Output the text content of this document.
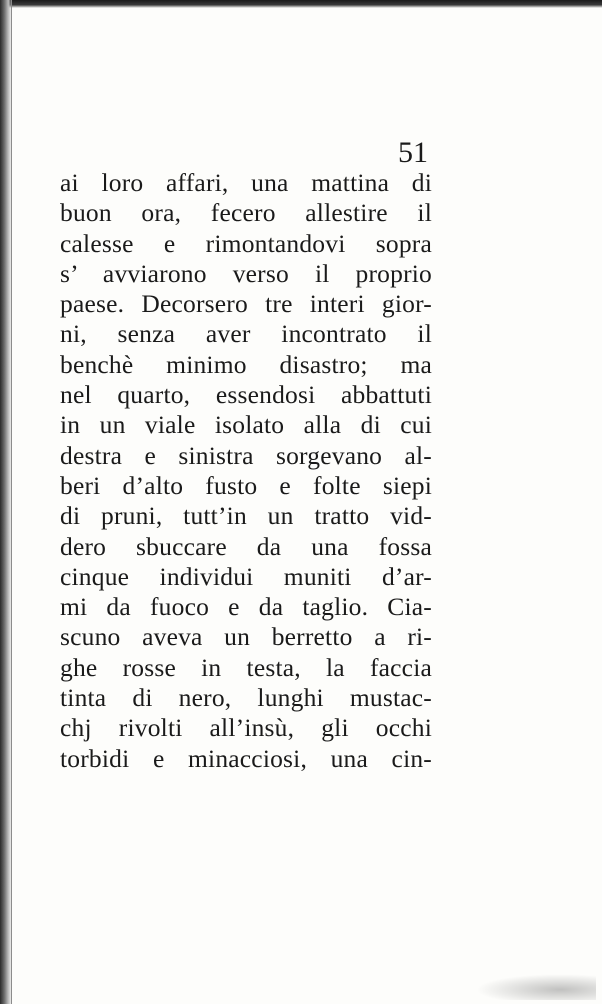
51

ai loro affari, una mattina di

buon ora, fecero allestire il

calesse e rimontandovi sopra

s’ avviarono verso il proprio

paese. Decorsero tre interi gior-

ni, senza aver incontrato il

benchè minimo disastro; ma

nel quarto, essendosi abbattuti

in un viale isolato alla di cui

destra e sinistra sorgevano al-

beri d’alto fusto e folte siepi

di pruni, tutt’in un tratto vid-

dero sbuccare da una fossa

cinque individui muniti d’ar-

mi da fuoco e da taglio. Cia-

scuno aveva un berretto a ri-

ghe rosse in testa, la faccia

tinta di nero, lunghi mustac-

chj rivolti all’insù, gli occhi

torbidi e minacciosi, una cin-
